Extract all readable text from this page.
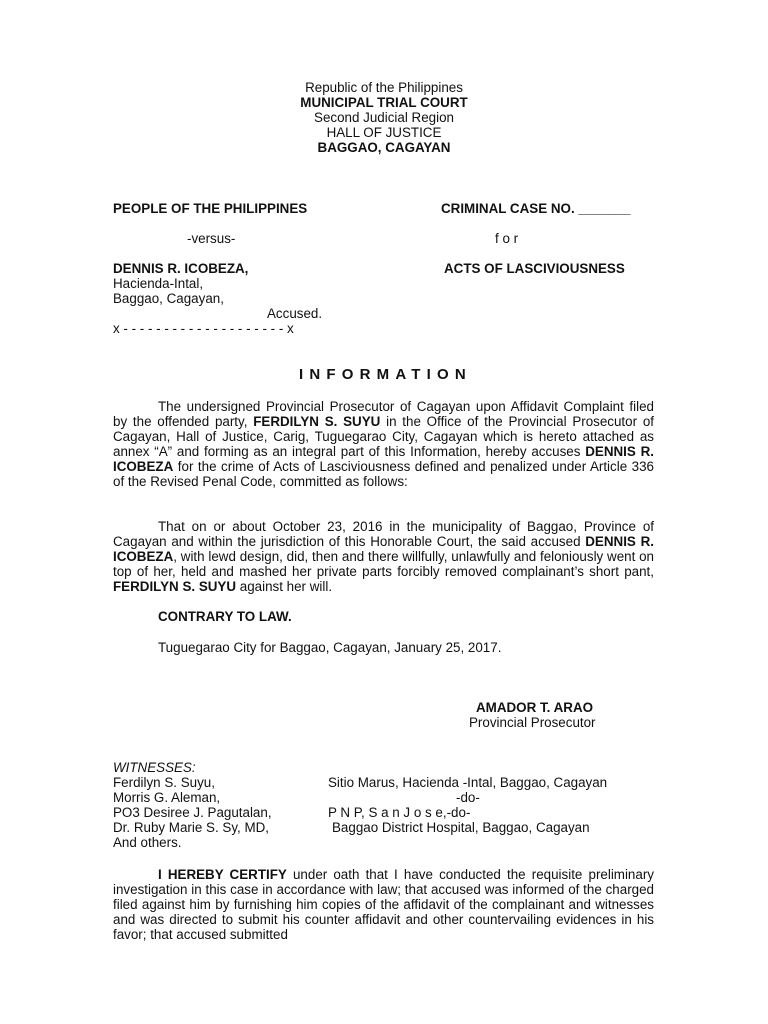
Republic of the Philippines
MUNICIPAL TRIAL COURT
Second Judicial Region
HALL OF JUSTICE
BAGGAO, CAGAYAN
PEOPLE OF THE PHILIPPINES	CRIMINAL CASE NO. _______
-versus-	f o r
DENNIS R. ICOBEZA,	ACTS OF LASCIVIOUSNESS
Hacienda-Intal,
Baggao, Cagayan,
Accused.
x - - - - - - - - - - - - - - - - - - - - x
INFORMATION
The undersigned Provincial Prosecutor of Cagayan upon Affidavit Complaint filed by the offended party, FERDILYN S. SUYU in the Office of the Provincial Prosecutor of Cagayan, Hall of Justice, Carig, Tuguegarao City, Cagayan which is hereto attached as annex “A” and forming as an integral part of this Information, hereby accuses DENNIS R. ICOBEZA for the crime of Acts of Lasciviousness defined and penalized under Article 336 of the Revised Penal Code, committed as follows:
That on or about October 23, 2016 in the municipality of Baggao, Province of Cagayan and within the jurisdiction of this Honorable Court, the said accused DENNIS R. ICOBEZA, with lewd design, did, then and there willfully, unlawfully and feloniously went on top of her, held and mashed her private parts forcibly removed complainant’s short pant, FERDILYN S. SUYU against her will.
CONTRARY TO LAW.
Tuguegarao City for Baggao, Cagayan, January 25, 2017.
AMADOR T. ARAO
Provincial Prosecutor
WITNESSES:
Ferdilyn S. Suyu,	Sitio Marus, Hacienda -Intal, Baggao, Cagayan
Morris G. Aleman,	-do-
PO3 Desiree J. Pagutalan,	P N P, S a n J o s e,-do-
Dr. Ruby Marie S. Sy, MD,	Baggao District Hospital, Baggao, Cagayan
And others.
I HEREBY CERTIFY under oath that I have conducted the requisite preliminary investigation in this case in accordance with law; that accused was informed of the charged filed against him by furnishing him copies of the affidavit of the complainant and witnesses and was directed to submit his counter affidavit and other countervailing evidences in his favor; that accused submitted
